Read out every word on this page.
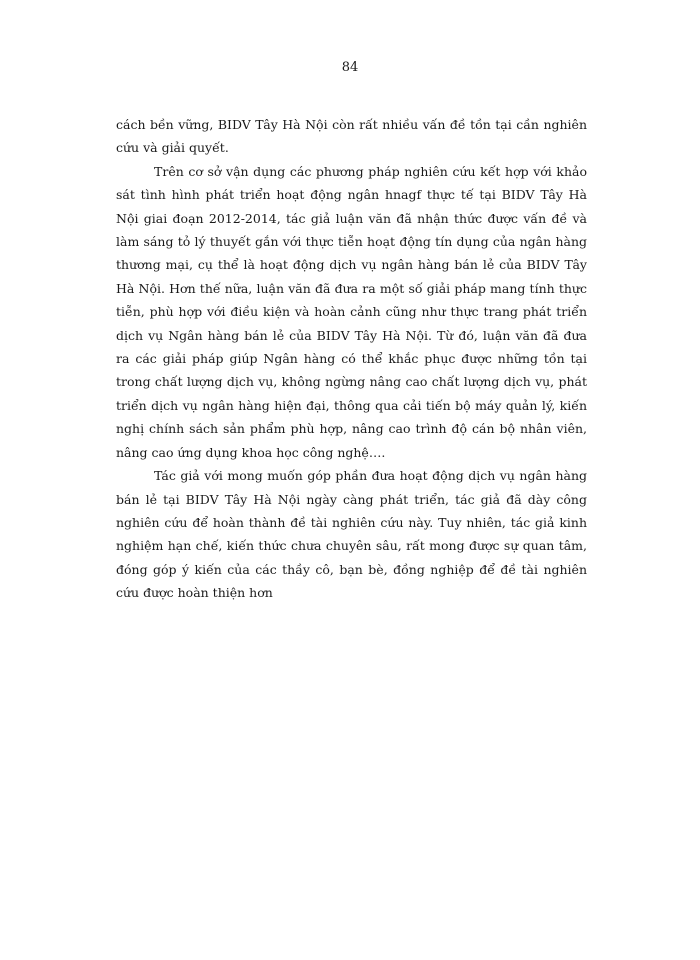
84

cách bền vững, BIDV Tây Hà Nội còn rất nhiều vấn đề tồn tại cần nghiên cứu và giải quyết.

Trên cơ sở vận dụng các phương pháp nghiên cứu kết hợp với khảo sát tình hình phát triển hoạt động ngân hnagf thực tế tại BIDV Tây Hà Nội giai đoạn 2012-2014, tác giả luận văn đã nhận thức được vấn đề và làm sáng tỏ lý thuyết gắn với thực tiễn hoạt động tín dụng của ngân hàng thương mại, cụ thể là hoạt động dịch vụ ngân hàng bán lẻ của BIDV Tây Hà Nội. Hơn thế nữa, luận văn đã đưa ra một số giải pháp mang tính thực tiễn, phù hợp với điều kiện và hoàn cảnh cũng như thực trang phát triển dịch vụ Ngân hàng bán lẻ của BIDV Tây Hà Nội. Từ đó, luận văn đã đưa ra các giải pháp giúp Ngân hàng có thể khắc phục được những tồn tại trong chất lượng dịch vụ, không ngừng nâng cao chất lượng dịch vụ, phát triển dịch vụ ngân hàng hiện đại, thông qua cải tiến bộ máy quản lý, kiến nghị chính sách sản phẩm phù hợp, nâng cao trình độ cán bộ nhân viên, nâng cao ứng dụng khoa học công nghệ….

Tác giả với mong muốn góp phần đưa hoạt động dịch vụ ngân hàng bán lẻ tại BIDV Tây Hà Nội ngày càng phát triển, tác giả đã dày công nghiên cứu để hoàn thành đề tài nghiên cứu này. Tuy nhiên, tác giả kinh nghiệm hạn chế, kiến thức chưa chuyên sâu, rất mong được sự quan tâm, đóng góp ý kiến của các thầy cô, bạn bè, đồng nghiệp để đề tài nghiên cứu được hoàn thiện hơn
